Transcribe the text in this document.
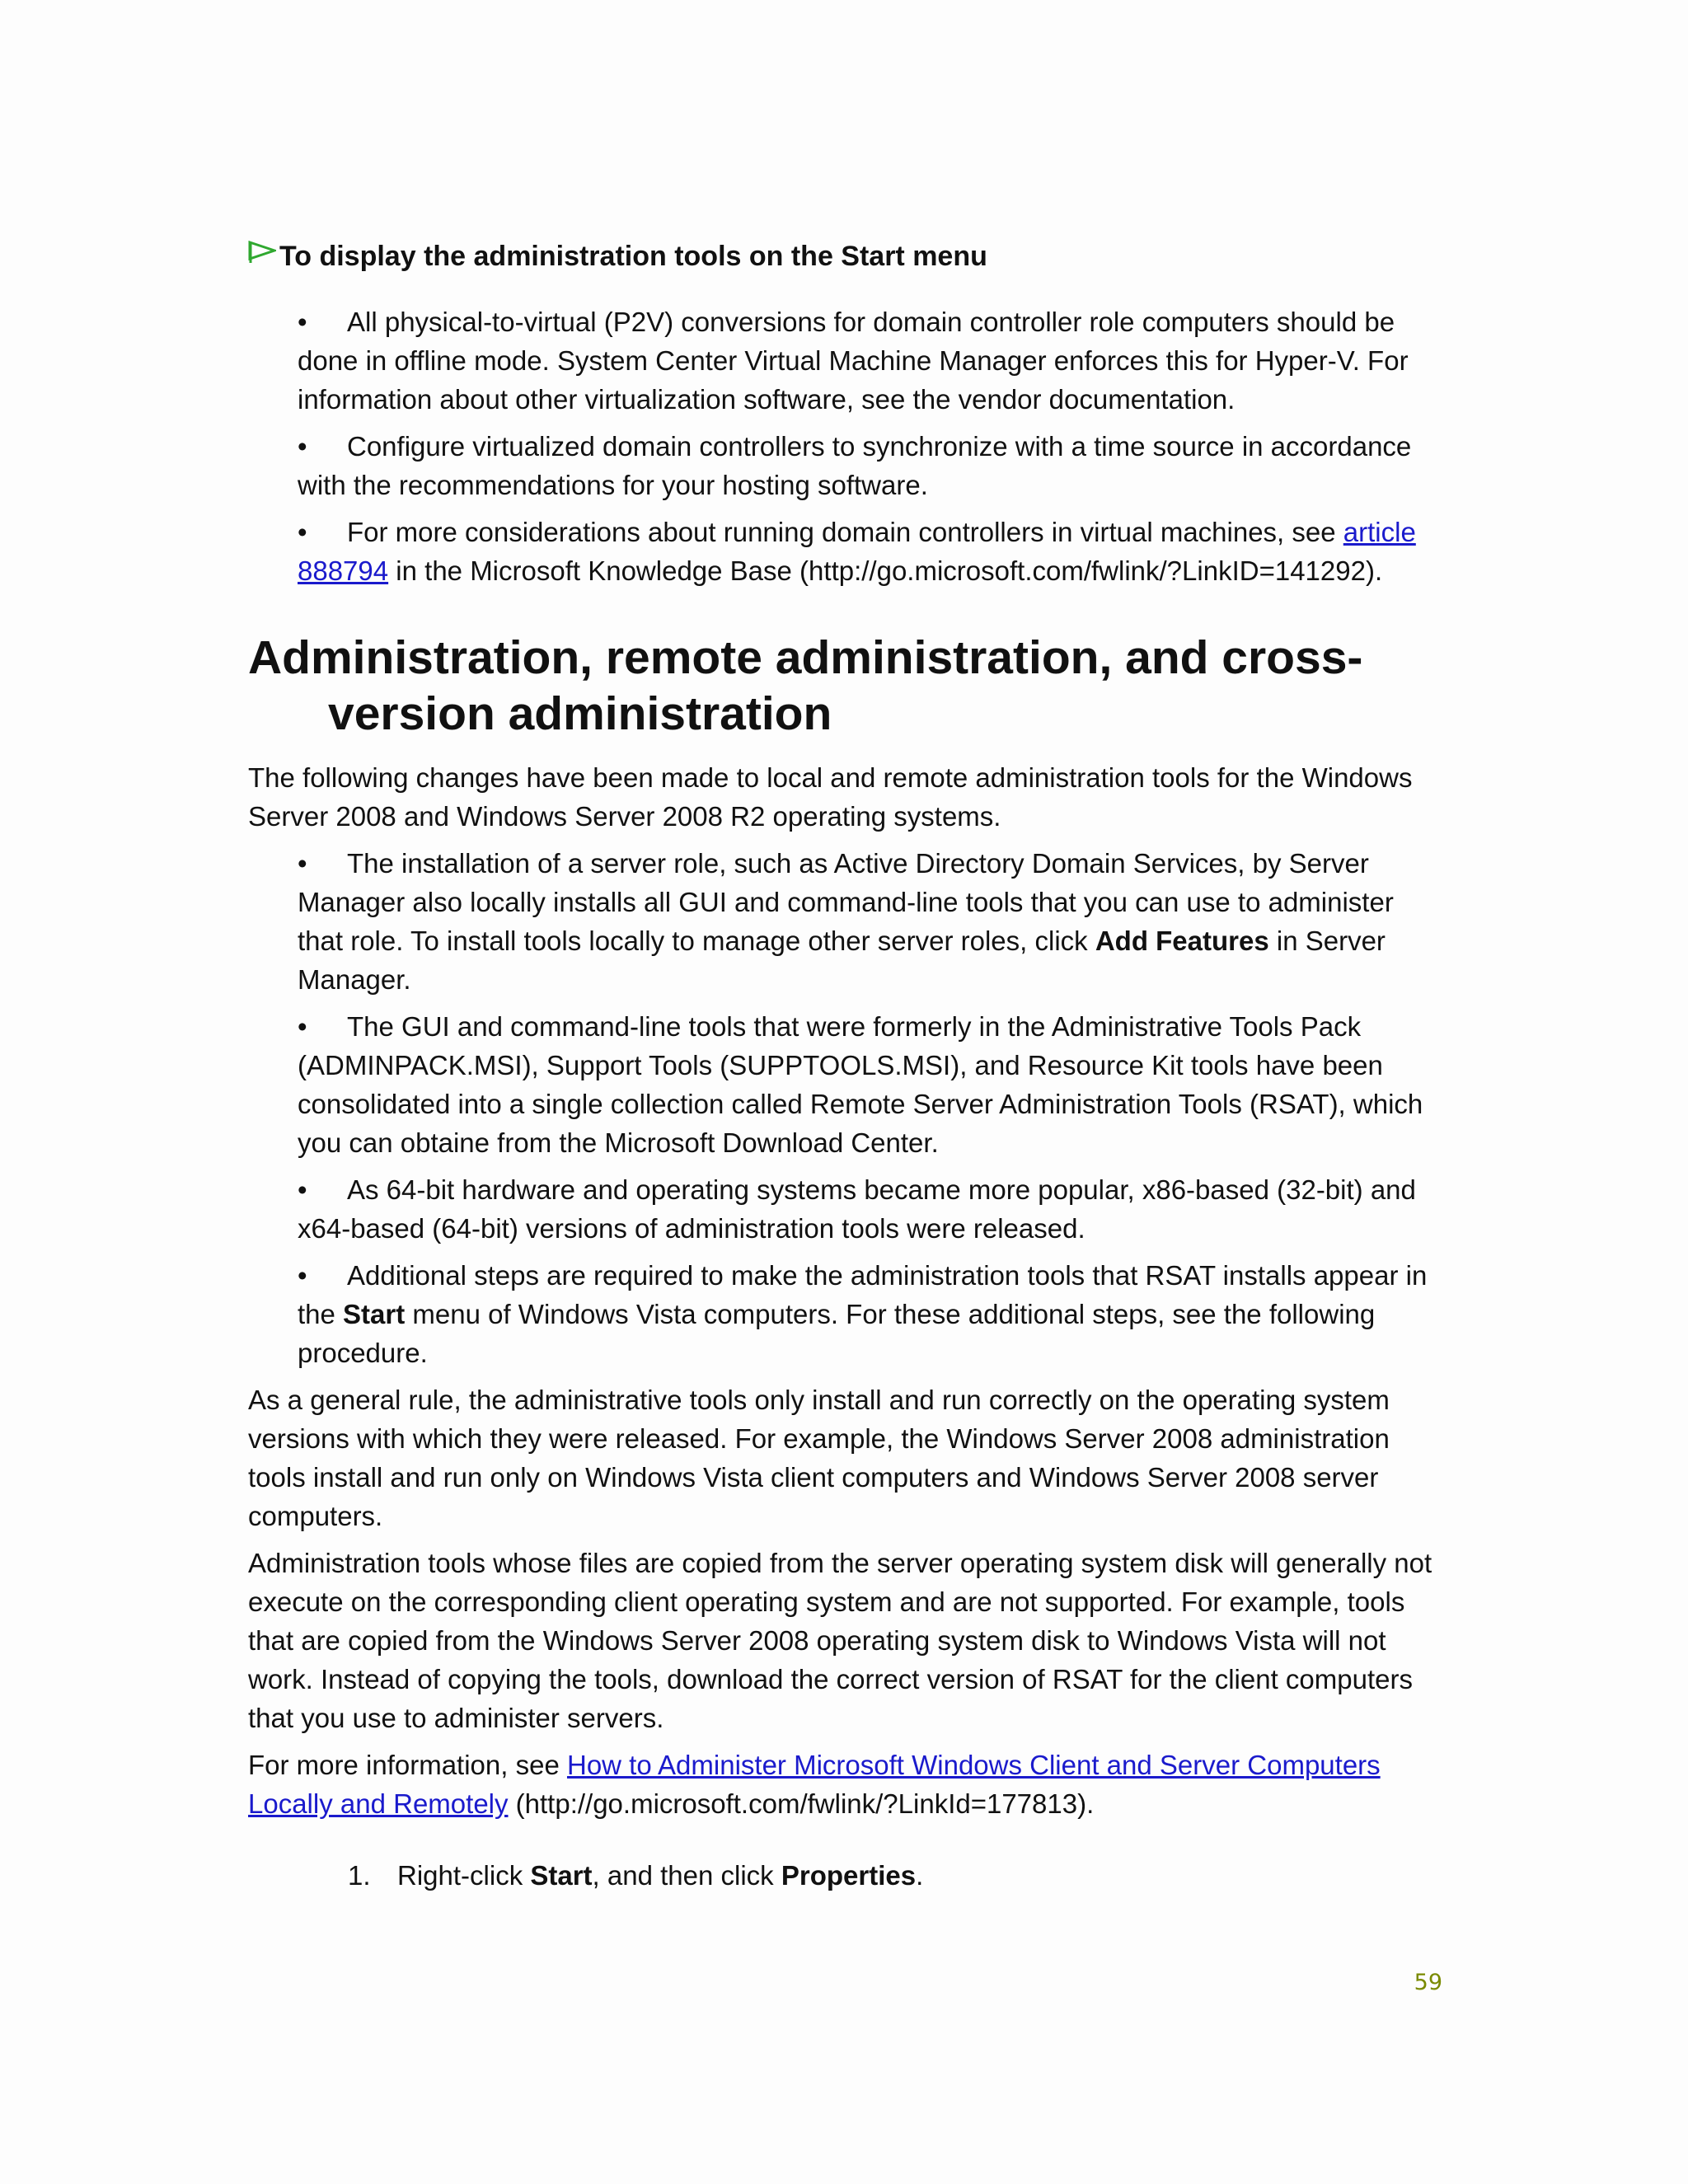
To display the administration tools on the Start menu
• All physical-to-virtual (P2V) conversions for domain controller role computers should be done in offline mode. System Center Virtual Machine Manager enforces this for Hyper-V. For information about other virtualization software, see the vendor documentation.
• Configure virtualized domain controllers to synchronize with a time source in accordance with the recommendations for your hosting software.
• For more considerations about running domain controllers in virtual machines, see article 888794 in the Microsoft Knowledge Base (http://go.microsoft.com/fwlink/?LinkID=141292).
Administration, remote administration, and cross-version administration

The following changes have been made to local and remote administration tools for the Windows Server 2008 and Windows Server 2008 R2 operating systems.

• The installation of a server role, such as Active Directory Domain Services, by Server Manager also locally installs all GUI and command-line tools that you can use to administer that role. To install tools locally to manage other server roles, click Add Features in Server Manager.
• The GUI and command-line tools that were formerly in the Administrative Tools Pack (ADMINPACK.MSI), Support Tools (SUPPTOOLS.MSI), and Resource Kit tools have been consolidated into a single collection called Remote Server Administration Tools (RSAT), which you can obtaine from the Microsoft Download Center.
• As 64-bit hardware and operating systems became more popular, x86-based (32-bit) and x64-based (64-bit) versions of administration tools were released.
• Additional steps are required to make the administration tools that RSAT installs appear in the Start menu of Windows Vista computers. For these additional steps, see the following procedure.

As a general rule, the administrative tools only install and run correctly on the operating system versions with which they were released. For example, the Windows Server 2008 administration tools install and run only on Windows Vista client computers and Windows Server 2008 server computers.

Administration tools whose files are copied from the server operating system disk will generally not execute on the corresponding client operating system and are not supported. For example, tools that are copied from the Windows Server 2008 operating system disk to Windows Vista will not work. Instead of copying the tools, download the correct version of RSAT for the client computers that you use to administer servers.

For more information, see How to Administer Microsoft Windows Client and Server Computers Locally and Remotely (http://go.microsoft.com/fwlink/?LinkId=177813).

1. Right-click Start, and then click Properties.
59
